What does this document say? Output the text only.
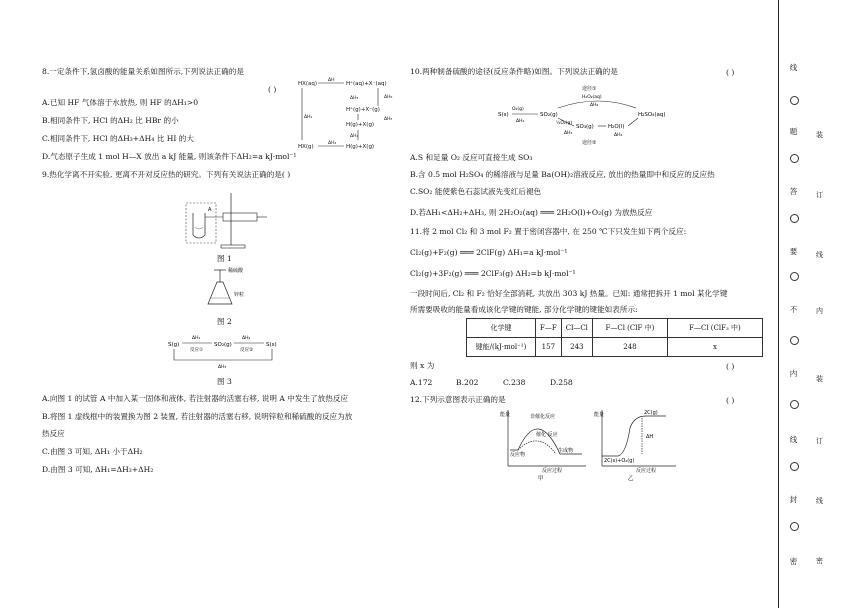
8.一定条件下,氢卤酸的能量关系如图所示,下列说法正确的是
( )
HX(aq)	H⁺(aq)+X⁻(aq)
H⁺(g)+X⁻(g)
H(g)+X(g)
HX(g)	H(g)+X(g)
ΔH
ΔH₁
ΔH₂
ΔH₆
ΔH₅
ΔH₃
ΔH₄
A.已知 HF 气体溶于水放热, 则 HF 的ΔH₁>0
B.相同条件下, HCl 的ΔH₂ 比 HBr 的小
C.相同条件下, HCl 的ΔH₃+ΔH₄ 比 HI 的大
D.气态原子生成 1 mol H—X 放出 a kJ 能量, 则该条件下ΔH₂=a kJ·mol⁻¹
9.热化学离不开实验, 更离不开对反应热的研究。下列有关说法正确的是( )
A
图 1
稀硫酸
锌粒
图 2
S(g)	SO₂(g)	S(s)
ΔH₁	ΔH₂
反应①	反应②
ΔH₃
图 3
A.向图 1 的试管 A 中加入某一固体和液体, 若注射器的活塞右移, 说明 A 中发生了放热反应
B.将图 1 虚线框中的装置换为图 2 装置, 若注射器的活塞右移, 说明锌粒和稀硫酸的反应为放
热反应
C.由图 3 可知, ΔH₁ 小于ΔH₂
D.由图 3 可知, ΔH₁=ΔH₃+ΔH₂
10.两种制备硫酸的途径(反应条件略)如图。下列说法正确的是	( )
S(s)	SO₂(g)	H₂SO₄(aq)
SO₃(g)	H₂O(l)
途径①
途径②
O₂(g)
½O₂(g)
H₂O₂(aq)
ΔH₁
ΔH₂
ΔH₃	ΔH₄
A.S 和足量 O₂ 反应可直接生成 SO₃
B.含 0.5 mol H₂SO₄ 的稀溶液与足量 Ba(OH)₂溶液反应, 放出的热量即中和反应的反应热
C.SO₂ 能使紫色石蕊试液先变红后褪色
D.若ΔH₁<ΔH₂+ΔH₃, 则 2H₂O₂(aq) ═══ 2H₂O(l)+O₂(g) 为放热反应
11.将 2 mol Cl₂ 和 3 mol F₂ 置于密闭容器中, 在 250 ℃下只发生如下两个反应:
Cl₂(g)+F₂(g) ═══ 2ClF(g) ΔH₁=a kJ·mol⁻¹
Cl₂(g)+3F₂(g) ═══ 2ClF₃(g) ΔH₂=b kJ·mol⁻¹
一段时间后, Cl₂ 和 F₂ 恰好全部消耗, 共放出 303 kJ 热量。已知: 通常把拆开 1 mol 某化学键
所需要吸收的能量看成该化学键的键能, 部分化学键的键能如表所示:
化学键	F—F	Cl—Cl	F—Cl (ClF 中)	F—Cl (ClF₃ 中)
键能/(kJ·mol⁻¹)	157	243	248	x
则 x 为	( )
A.172	B.202	C.238	D.258
12.下列示意图表示正确的是	( )
能量	非催化反应
催化 反应
反应物
生成物
反应过程
甲
能量	2C(g)
2C(s)+O₂(g)
ΔH
反应过程
乙
线
题
答
要
不
内
线
封
密
装
订
线
内
装
订
线
密
